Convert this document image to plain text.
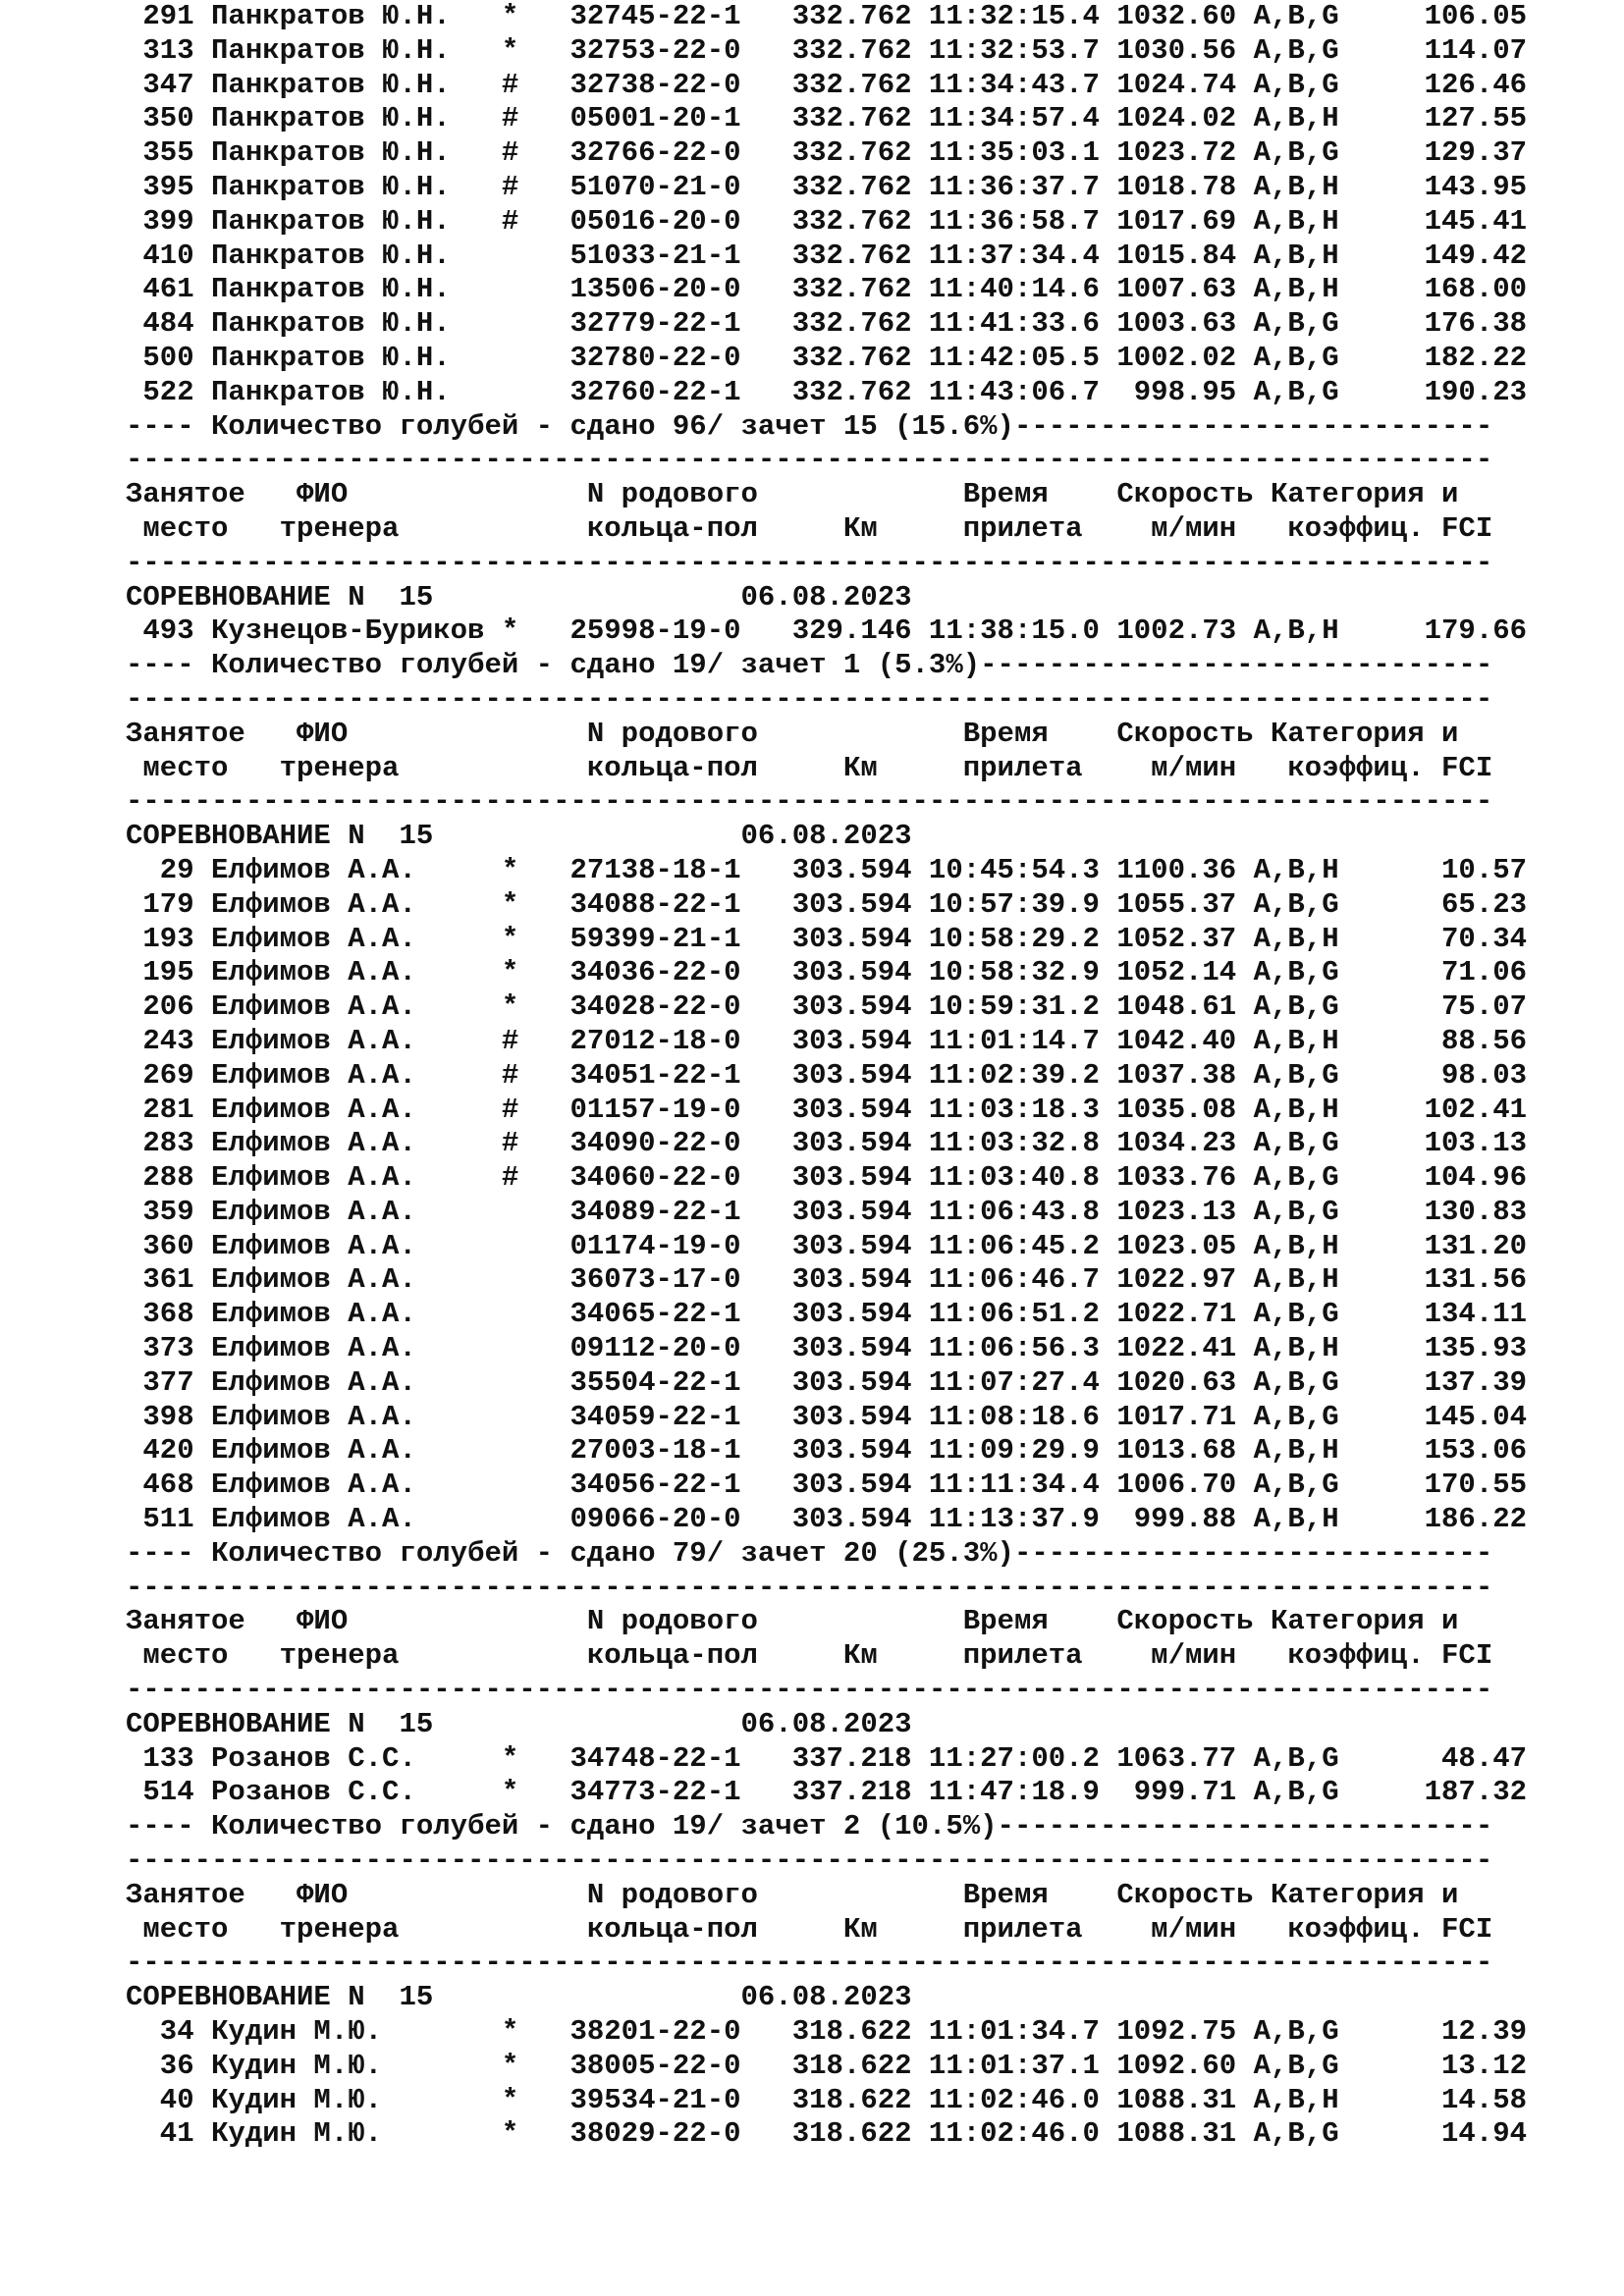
291 Панкратов Ю.Н.   *   32745-22-1   332.762 11:32:15.4 1032.60 A,B,G     106.05
313 Панкратов Ю.Н.   *   32753-22-0   332.762 11:32:53.7 1030.56 A,B,G     114.07
347 Панкратов Ю.Н.   #   32738-22-0   332.762 11:34:43.7 1024.74 A,B,G     126.46
350 Панкратов Ю.Н.   #   05001-20-1   332.762 11:34:57.4 1024.02 A,B,H     127.55
355 Панкратов Ю.Н.   #   32766-22-0   332.762 11:35:03.1 1023.72 A,B,G     129.37
395 Панкратов Ю.Н.   #   51070-21-0   332.762 11:36:37.7 1018.78 A,B,H     143.95
399 Панкратов Ю.Н.   #   05016-20-0   332.762 11:36:58.7 1017.69 A,B,H     145.41
410 Панкратов Ю.Н.       51033-21-1   332.762 11:37:34.4 1015.84 A,B,H     149.42
461 Панкратов Ю.Н.       13506-20-0   332.762 11:40:14.6 1007.63 A,B,H     168.00
484 Панкратов Ю.Н.       32779-22-1   332.762 11:41:33.6 1003.63 A,B,G     176.38
500 Панкратов Ю.Н.       32780-22-0   332.762 11:42:05.5 1002.02 A,B,G     182.22
522 Панкратов Ю.Н.       32760-22-1   332.762 11:43:06.7  998.95 A,B,G     190.23
---- Количество голубей - сдано 96/ зачет 15 (15.6%)----------------------------
--------------------------------------------------------------------------------
Занятое   ФИО              N родового            Время    Скорость Категория и
место   тренера           кольца-пол     Км     прилета    м/мин   коэффиц. FCI
--------------------------------------------------------------------------------
СОРЕВНОВАНИЕ N  15                  06.08.2023
493 Кузнецов-Буриков *   25998-19-0   329.146 11:38:15.0 1002.73 A,B,H     179.66
---- Количество голубей - сдано 19/ зачет 1 (5.3%)------------------------------
--------------------------------------------------------------------------------
Занятое   ФИО              N родового            Время    Скорость Категория и
место   тренера           кольца-пол     Км     прилета    м/мин   коэффиц. FCI
--------------------------------------------------------------------------------
СОРЕВНОВАНИЕ N  15                  06.08.2023
29 Елфимов А.А.     *   27138-18-1   303.594 10:45:54.3 1100.36 A,B,H      10.57
179 Елфимов А.А.     *   34088-22-1   303.594 10:57:39.9 1055.37 A,B,G      65.23
193 Елфимов А.А.     *   59399-21-1   303.594 10:58:29.2 1052.37 A,B,H      70.34
195 Елфимов А.А.     *   34036-22-0   303.594 10:58:32.9 1052.14 A,B,G      71.06
206 Елфимов А.А.     *   34028-22-0   303.594 10:59:31.2 1048.61 A,B,G      75.07
243 Елфимов А.А.     #   27012-18-0   303.594 11:01:14.7 1042.40 A,B,H      88.56
269 Елфимов А.А.     #   34051-22-1   303.594 11:02:39.2 1037.38 A,B,G      98.03
281 Елфимов А.А.     #   01157-19-0   303.594 11:03:18.3 1035.08 A,B,H     102.41
283 Елфимов А.А.     #   34090-22-0   303.594 11:03:32.8 1034.23 A,B,G     103.13
288 Елфимов А.А.     #   34060-22-0   303.594 11:03:40.8 1033.76 A,B,G     104.96
359 Елфимов А.А.         34089-22-1   303.594 11:06:43.8 1023.13 A,B,G     130.83
360 Елфимов А.А.         01174-19-0   303.594 11:06:45.2 1023.05 A,B,H     131.20
361 Елфимов А.А.         36073-17-0   303.594 11:06:46.7 1022.97 A,B,H     131.56
368 Елфимов А.А.         34065-22-1   303.594 11:06:51.2 1022.71 A,B,G     134.11
373 Елфимов А.А.         09112-20-0   303.594 11:06:56.3 1022.41 A,B,H     135.93
377 Елфимов А.А.         35504-22-1   303.594 11:07:27.4 1020.63 A,B,G     137.39
398 Елфимов А.А.         34059-22-1   303.594 11:08:18.6 1017.71 A,B,G     145.04
420 Елфимов А.А.         27003-18-1   303.594 11:09:29.9 1013.68 A,B,H     153.06
468 Елфимов А.А.         34056-22-1   303.594 11:11:34.4 1006.70 A,B,G     170.55
511 Елфимов А.А.         09066-20-0   303.594 11:13:37.9  999.88 A,B,H     186.22
---- Количество голубей - сдано 79/ зачет 20 (25.3%)----------------------------
--------------------------------------------------------------------------------
Занятое   ФИО              N родового            Время    Скорость Категория и
место   тренера           кольца-пол     Км     прилета    м/мин   коэффиц. FCI
--------------------------------------------------------------------------------
СОРЕВНОВАНИЕ N  15                  06.08.2023
133 Розанов С.С.     *   34748-22-1   337.218 11:27:00.2 1063.77 A,B,G      48.47
514 Розанов С.С.     *   34773-22-1   337.218 11:47:18.9  999.71 A,B,G     187.32
---- Количество голубей - сдано 19/ зачет 2 (10.5%)-----------------------------
--------------------------------------------------------------------------------
Занятое   ФИО              N родового            Время    Скорость Категория и
место   тренера           кольца-пол     Км     прилета    м/мин   коэффиц. FCI
--------------------------------------------------------------------------------
СОРЕВНОВАНИЕ N  15                  06.08.2023
34 Кудин М.Ю.       *   38201-22-0   318.622 11:01:34.7 1092.75 A,B,G      12.39
36 Кудин М.Ю.       *   38005-22-0   318.622 11:01:37.1 1092.60 A,B,G      13.12
40 Кудин М.Ю.       *   39534-21-0   318.622 11:02:46.0 1088.31 A,B,H      14.58
41 Кудин М.Ю.       *   38029-22-0   318.622 11:02:46.0 1088.31 A,B,G      14.94
